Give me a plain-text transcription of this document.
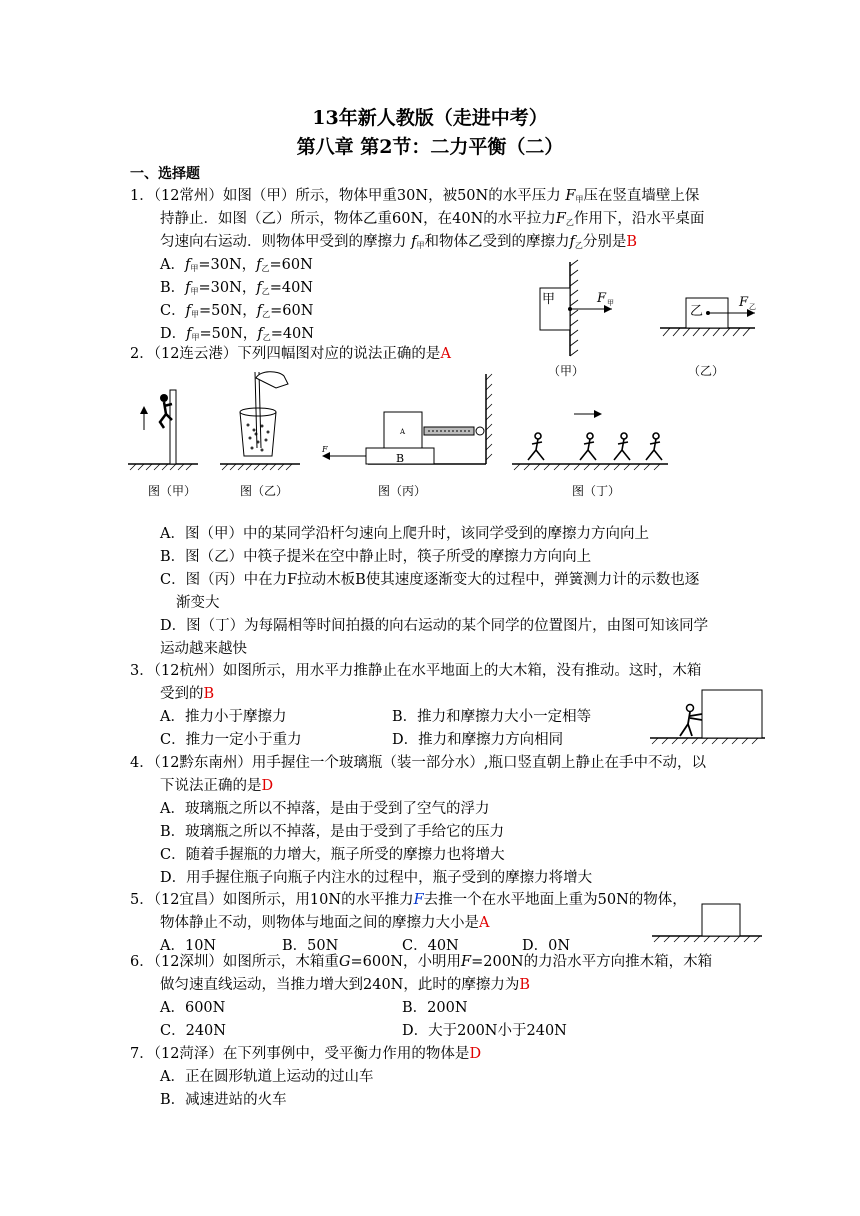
13年新人教版（走进中考）
第八章 第2节：二力平衡（二）
一、选择题
1．（12常州）如图（甲）所示，物体甲重30N，被50N的水平压力 $F_甲$压在竖直墙壁上保
持静止．如图（乙）所示，物体乙重60N，在40N的水平拉力$F_乙$作用下，沿水平桌面
匀速向右运动．则物体甲受到的摩擦力 $f_甲$和物体乙受到的摩擦力$f_乙$分别是B
A．$f_甲=30N$，$f_乙=60N$
B．$f_甲=30N$，$f_乙=40N$
C．$f_甲=50N$，$f_乙=60N$
D．$f_甲=50N$，$f_乙=40N$
甲	F 甲
乙
F 乙
（甲）	（乙）
2．（12连云港）下列四幅图对应的说法正确的是A
B
A
F
图（甲）	图（乙）	图（丙）	图（丁）
A．图（甲）中的某同学沿杆匀速向上爬升时，该同学受到的摩擦力方向向上
B．图（乙）中筷子提米在空中静止时，筷子所受的摩擦力方向向上
C．图（丙）中在力F拉动木板B使其速度逐渐变大的过程中，弹簧测力计的示数也逐
渐变大
D．图（丁）为每隔相等时间拍摄的向右运动的某个同学的位置图片，由图可知该同学
运动越来越快
3．（12杭州）如图所示，用水平力推静止在水平地面上的大木箱，没有推动。这时，木箱
受到的B
A．推力小于摩擦力	B．推力和摩擦力大小一定相等
C．推力一定小于重力	D．推力和摩擦力方向相同
4．（12黔东南州）用手握住一个玻璃瓶（装一部分水）,瓶口竖直朝上静止在手中不动，以
下说法正确的是D
A．玻璃瓶之所以不掉落，是由于受到了空气的浮力
B．玻璃瓶之所以不掉落，是由于受到了手给它的压力
C．随着手握瓶的力增大，瓶子所受的摩擦力也将增大
D．用手握住瓶子向瓶子内注水的过程中，瓶子受到的摩擦力将增大
5．（12宜昌）如图所示，用10N的水平推力F去推一个在水平地面上重为50N的物体，
物体静止不动，则物体与地面之间的摩擦力大小是A
A．10N	B．50N	C．40N	D．0N
6．（12深圳）如图所示，木箱重G=600N，小明用F=200N的力沿水平方向推木箱，木箱
做匀速直线运动，当推力增大到240N，此时的摩擦力为B
A．600N	B．200N
C．240N	D．大于200N小于240N
7．（12菏泽）在下列事例中，受平衡力作用的物体是D
A．正在圆形轨道上运动的过山车
B．减速进站的火车
